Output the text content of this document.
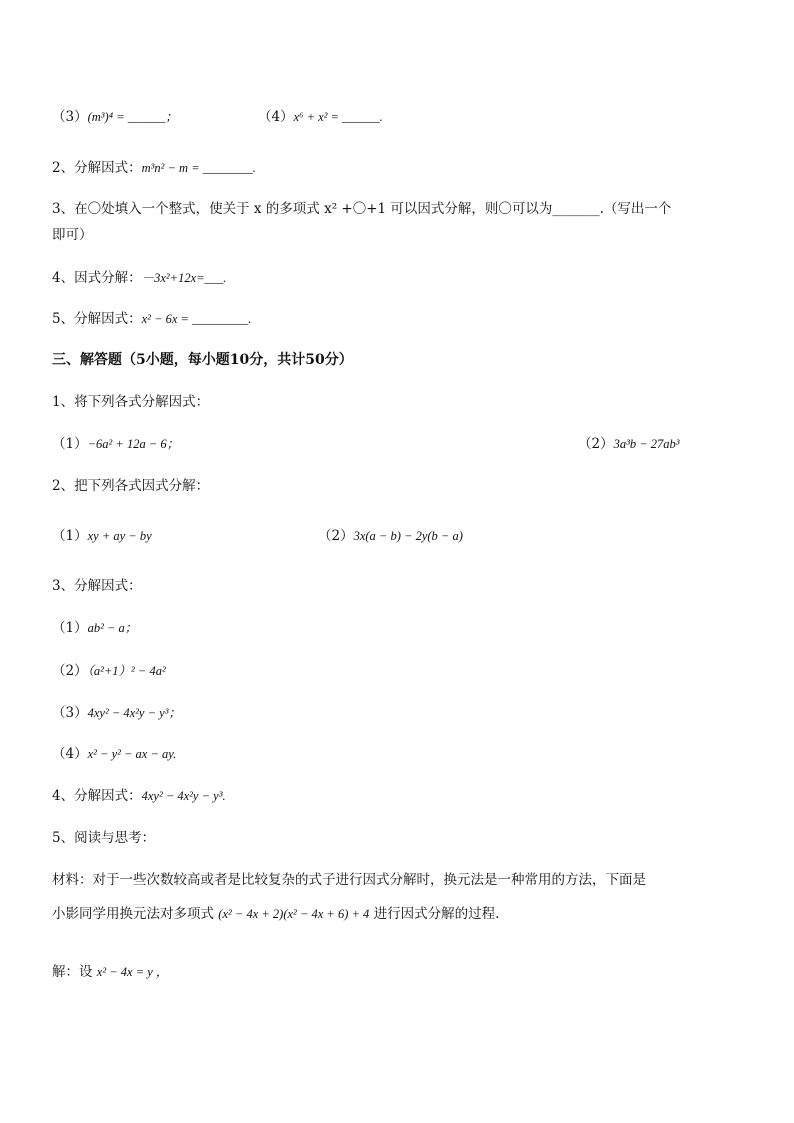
（3）(m³)⁴ = ______；	（4）x⁶ + x² = ______.
2、分解因式：m³n² − m = ________.
3、在〇处填入一个整式，使关于 x 的多项式 x² +〇+1 可以因式分解，则〇可以为_______.（写出一个
即可）
4、因式分解：－3x²+12x=___.
5、分解因式：x² − 6x = _________.
三、解答题（5小题，每小题10分，共计50分）
1、将下列各式分解因式：
（1）−6a² + 12a − 6；	（2）3a³b − 27ab³
2、把下列各式因式分解：
（1）xy + ay − by	（2）3x(a − b) − 2y(b − a)
3、分解因式：
（1）ab² − a；
（2）（a²+1）² − 4a²
（3）4xy² − 4x²y − y³；
（4）x² − y² − ax − ay.
4、分解因式：4xy² − 4x²y − y³.
5、阅读与思考：
材料：对于一些次数较高或者是比较复杂的式子进行因式分解时，换元法是一种常用的方法，下面是
小影同学用换元法对多项式 (x² − 4x + 2)(x² − 4x + 6) + 4 进行因式分解的过程.
解：设 x² − 4x = y ，
